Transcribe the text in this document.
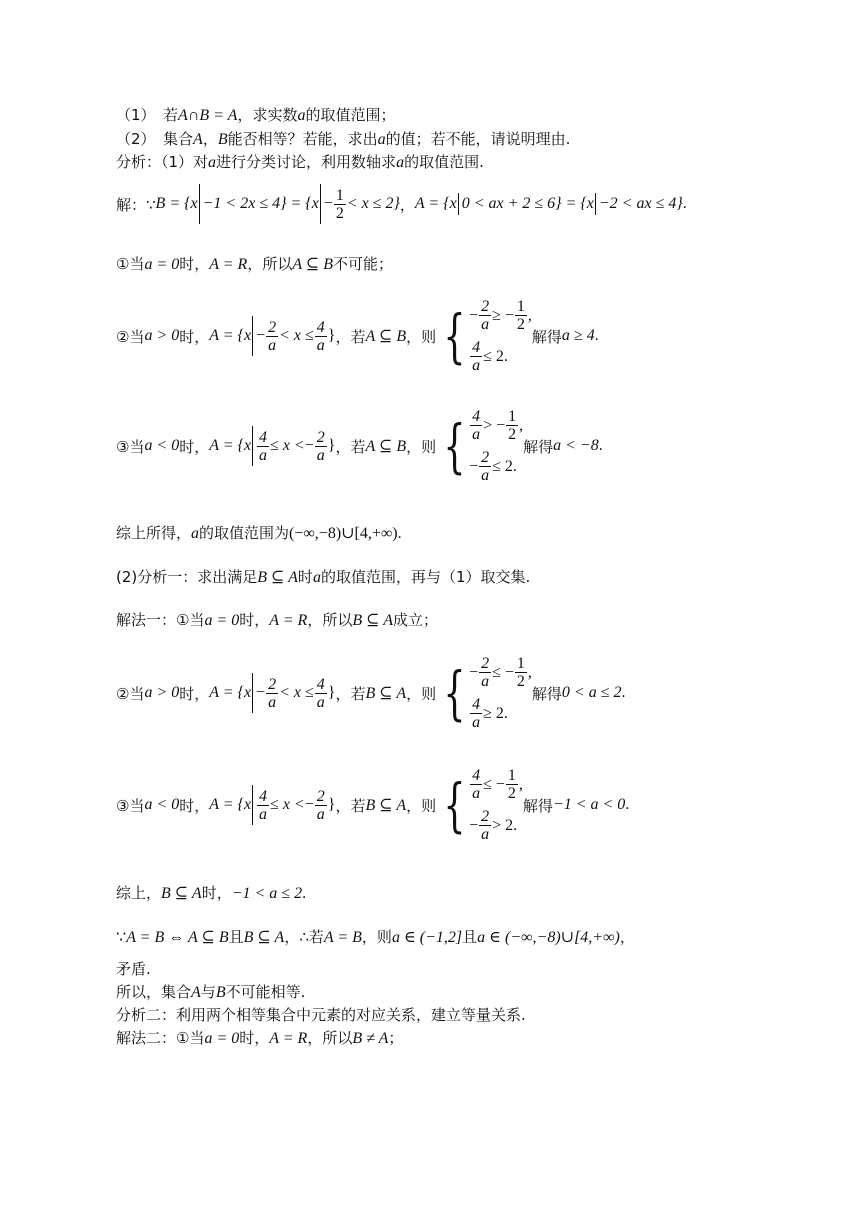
（1）　若A∩B = A，求实数a的取值范围；
（2）　集合A，B能否相等？若能，求出a的值；若不能，请说明理由.
分析：（1）对a进行分类讨论，利用数轴求a的取值范围.
解：∵ $B = \{x -1 < 2x \le 4\} = \{x - \frac{1}{2} < x \le 2\}$ ， A = {x 0 < ax + 2 ≤ 6} = {x −2 < ax ≤ 4} .
①当a = 0时，A = R，所以A ⊆ B不可能；
②当 a > 0 时， $A = \{x - \frac{2}{a} < x \le \frac{4}{a}$ } ，若 A ⊆ B ，则 { − $\frac{2}{a}$ ≥ − $\frac{1}{2}$ ,
$\frac{4}{a} \le 2$.
解得 a ≥ 4 .
③当 a < 0 时， $A = \{x \frac{4}{a} \le x$ < − $\frac{2}{a}$ } ，若 A ⊆ B ，则 { $\frac{4}{a}$ > − $\frac{1}{2}$ ,
− $\frac{2}{a} \le 2$.
解得 a < −8 .
综上所得，a的取值范围为(−∞,−8)∪[4,+∞).
(2)分析一：求出满足B ⊆ A时a的取值范围，再与（1）取交集.
解法一：①当a = 0时，A = R，所以B ⊆ A成立；
②当 a > 0 时， $A = \{x - \frac{2}{a} < x \le \frac{4}{a}$ } ，若 B ⊆ A ，则 { − $\frac{2}{a}$ ≤ − $\frac{1}{2}$ ,
$\frac{4}{a} \ge 2$.
解得 0 < a ≤ 2 .
③当 a < 0 时， $A = \{x \frac{4}{a} \le x$ < − $\frac{2}{a}$ } ，若 B ⊆ A ，则 { $\frac{4}{a}$ ≤ − $\frac{1}{2}$ ,
− $\frac{2}{a} > 2$.
解得 −1 < a < 0 .
综上，B ⊆ A时，−1 < a ≤ 2.
∵A = B ⇔ A ⊆ B且B ⊆ A，∴若A = B，则a ∈ (−1,2]且a ∈ (−∞,−8)∪[4,+∞)，
矛盾.
所以，集合A与B不可能相等.
分析二：利用两个相等集合中元素的对应关系，建立等量关系.
解法二：①当a = 0时，A = R，所以B ≠ A；
